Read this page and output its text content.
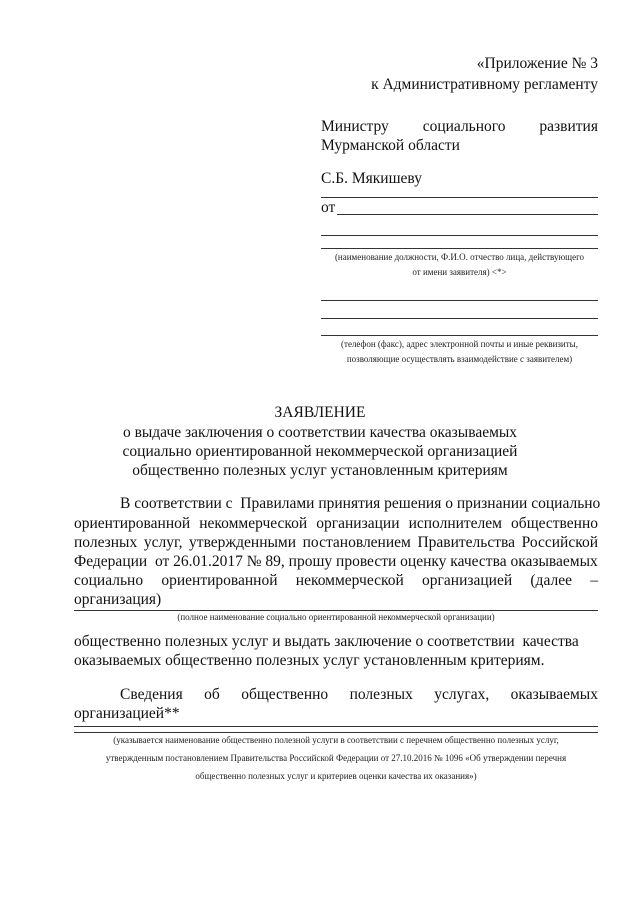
«Приложение № 3
к Административному регламенту
Министру социального развития
Мурманской области
С.Б. Мякишеву
от
(наименование должности, Ф.И.О. отчество лица, действующего
от имени заявителя) <*>
(телефон (факс), адрес электронной почты и иные реквизиты,
позволяющие осуществлять взаимодействие с заявителем)
ЗАЯВЛЕНИЕ
о выдаче заключения о соответствии качества оказываемых
социально ориентированной некоммерческой организацией
общественно полезных услуг установленным критериям
В соответствии с  Правилами принятия решения о признании социально
ориентированной некоммерческой организации исполнителем общественно
полезных услуг, утвержденными постановлением Правительства Российской
Федерации  от 26.01.2017 № 89, прошу провести оценку качества оказываемых
социально ориентированной некоммерческой организацией (далее –
организация)
(полное наименование социально ориентированной некоммерческой организации)
общественно полезных услуг и выдать заключение о соответствии  качества
оказываемых общественно полезных услуг установленным критериям.
Сведения об общественно полезных услугах, оказываемых
организацией**
(указывается наименование общественно полезной услуги в соответствии с перечнем общественно полезных услуг,
утвержденным постановлением Правительства Российской Федерации от 27.10.2016 № 1096 «Об утверждении перечня
общественно полезных услуг и критериев оценки качества их оказания»)
